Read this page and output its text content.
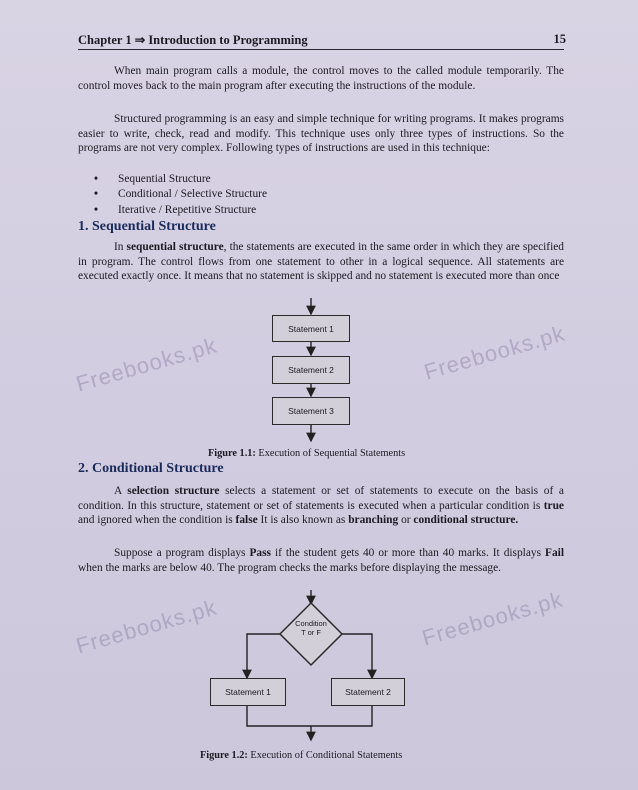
Chapter 1 ⇒ Introduction to Programming	15
When main program calls a module, the control moves to the called module temporarily. The control moves back to the main program after executing the instructions of the module.
Structured programming is an easy and simple technique for writing programs. It makes programs easier to write, check, read and modify. This technique uses only three types of instructions. So the programs are not very complex. Following types of instructions are used in this technique:
• Sequential Structure
• Conditional / Selective Structure
• Iterative / Repetitive Structure
1. Sequential Structure
In sequential structure, the statements are executed in the same order in which they are specified in program. The control flows from one statement to other in a logical sequence. All statements are executed exactly once. It means that no statement is skipped and no statement is executed more than once
Statement 1
Statement 2
Statement 3
Figure 1.1: Execution of Sequential Statements
2. Conditional Structure
A selection structure selects a statement or set of statements to execute on the basis of a condition. In this structure, statement or set of statements is executed when a particular condition is true and ignored when the condition is false It is also known as branching or conditional structure.
Suppose a program displays Pass if the student gets 40 or more than 40 marks. It displays Fail when the marks are below 40. The program checks the marks before displaying the message.
Condition
T or F
Statement 1	Statement 2
Figure 1.2: Execution of Conditional Statements
Freebooks.pk	Freebooks.pk
Freebooks.pk	Freebooks.pk
